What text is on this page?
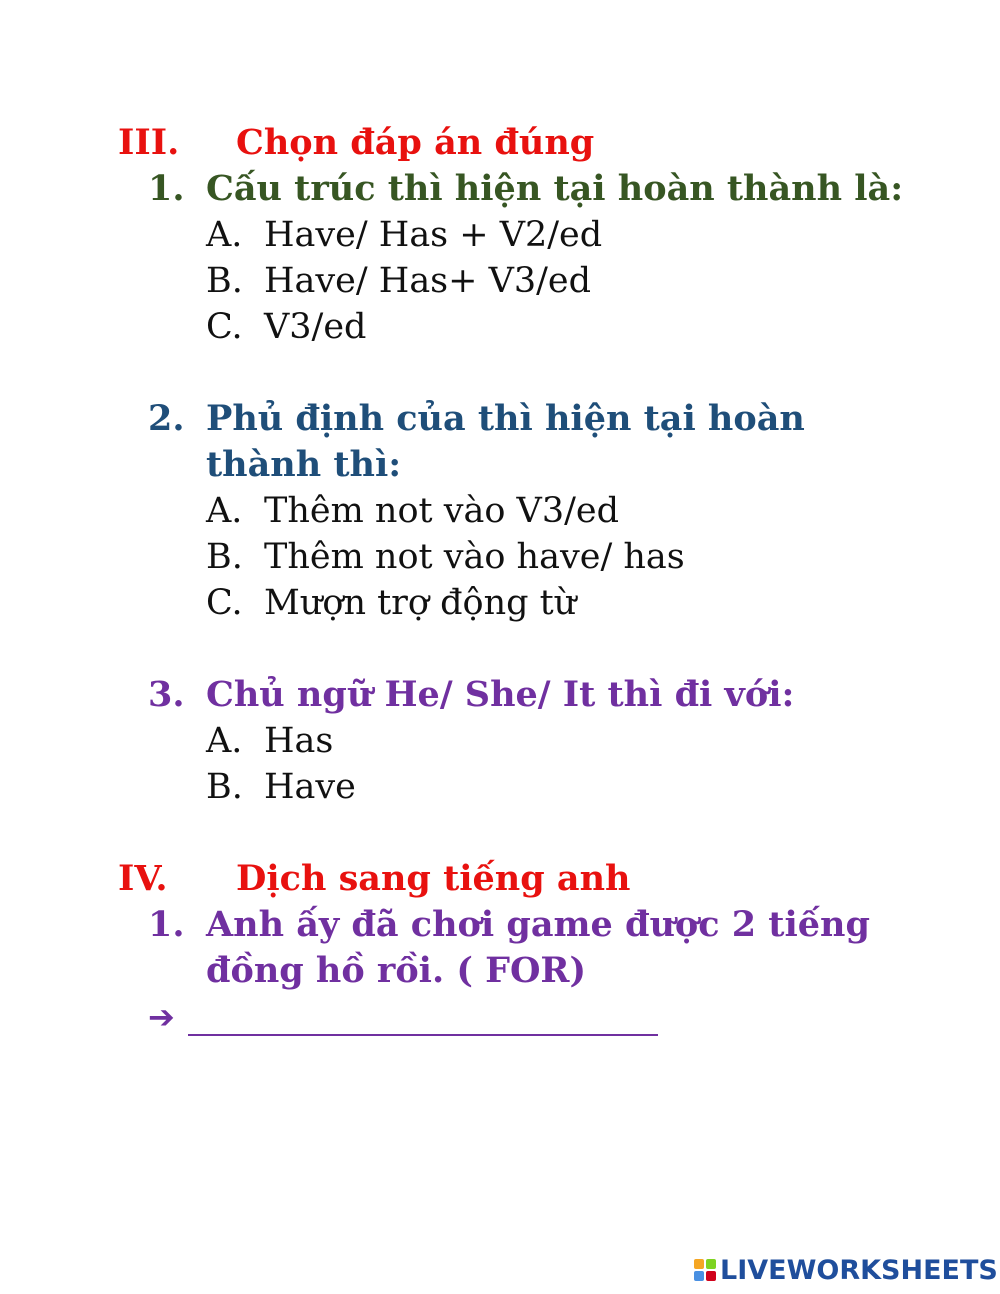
III. Chọn đáp án đúng
1. Cấu trúc thì hiện tại hoàn thành là:
A. Have/ Has + V2/ed
B. Have/ Has+ V3/ed
C. V3/ed
2. Phủ định của thì hiện tại hoàn
thành thì:
A. Thêm not vào V3/ed
B. Thêm not vào have/ has
C. Mượn trợ động từ
3. Chủ ngữ He/ She/ It thì đi với:
A. Has
B. Have
IV. Dịch sang tiếng anh
1. Anh ấy đã chơi game được 2 tiếng
đồng hồ rồi. ( FOR)
➔
LIVEWORKSHEETS
